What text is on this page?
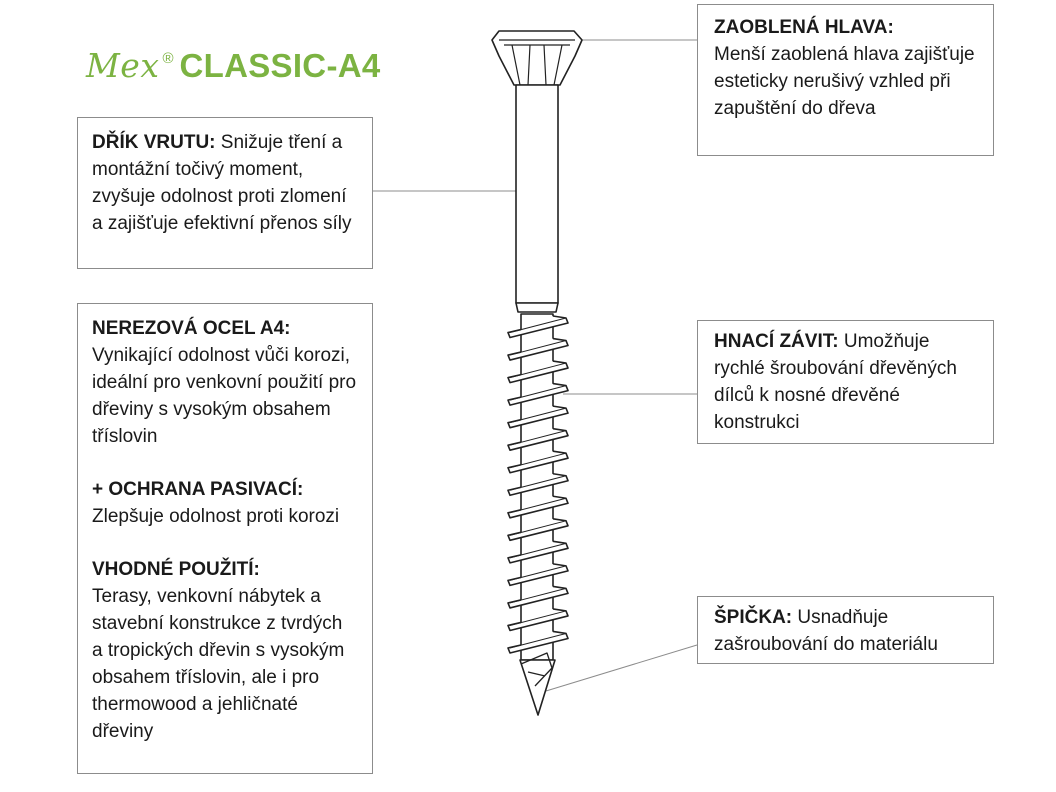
Mex ® CLASSIC-A4

ZAOBLENÁ HLAVA:
Menší zaoblená hlava zajišťuje esteticky nerušivý vzhled při zapuštění do dřeva

DŘÍK VRUTU: Snižuje tření a montážní točivý moment, zvyšuje odolnost proti zlomení a zajišťuje efektivní přenos síly

NEREZOVÁ OCEL A4:
Vynikající odolnost vůči korozi, ideální pro venkovní použití pro dřeviny s vysokým obsahem tříslovin

+ OCHRANA PASIVACÍ:
Zlepšuje odolnost proti korozi

VHODNÉ POUŽITÍ:
Terasy, venkovní nábytek a stavební konstrukce z tvrdých a tropických dřevin s vysokým obsahem tříslovin, ale i pro thermowood a jehličnaté dřeviny

HNACÍ ZÁVIT: Umožňuje rychlé šroubování dřevěných dílců k nosné dřevěné konstrukci

ŠPIČKA: Usnadňuje zašroubování do materiálu
